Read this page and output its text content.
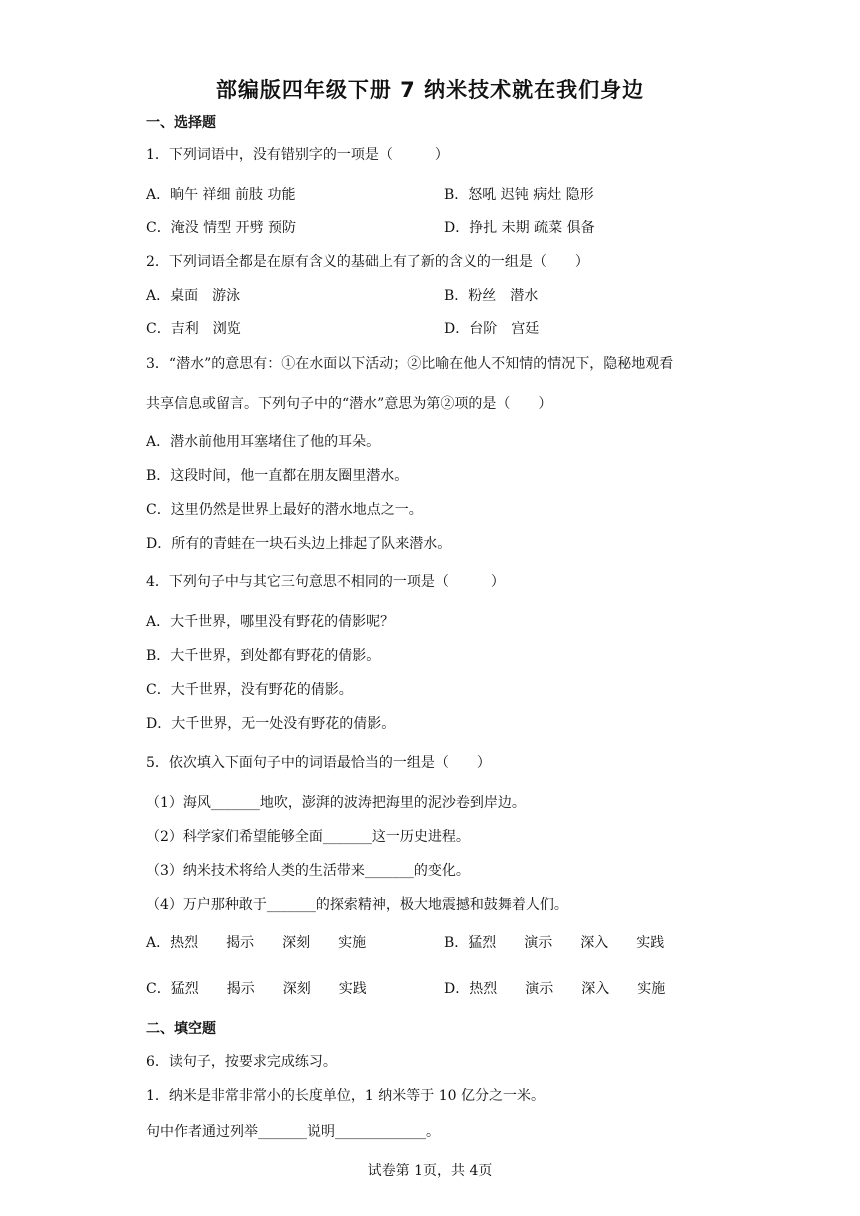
部编版四年级下册 7 纳米技术就在我们身边
一、选择题
1．下列词语中，没有错别字的一项是（　　　）
A．晌午 祥细 前肢 功能	B．怒吼 迟钝 病灶 隐形
C．淹没 情型 开劈 预防	D．挣扎 未期 疏菜 俱备
2．下列词语全都是在原有含义的基础上有了新的含义的一组是（　　）
A．桌面　游泳	B．粉丝　潜水
C．吉利　浏览	D．台阶　宫廷
3．“潜水”的意思有：①在水面以下活动；②比喻在他人不知情的情况下，隐秘地观看
共享信息或留言。下列句子中的“潜水”意思为第②项的是（　　）
A．潜水前他用耳塞堵住了他的耳朵。
B．这段时间，他一直都在朋友圈里潜水。
C．这里仍然是世界上最好的潜水地点之一。
D．所有的青蛙在一块石头边上排起了队来潜水。
4．下列句子中与其它三句意思不相同的一项是（　　　）
A．大千世界，哪里没有野花的倩影呢？
B．大千世界，到处都有野花的倩影。
C．大千世界，没有野花的倩影。
D．大千世界，无一处没有野花的倩影。
5．依次填入下面句子中的词语最恰当的一组是（　　）
（1）海风_______地吹，澎湃的波涛把海里的泥沙卷到岸边。
（2）科学家们希望能够全面_______这一历史进程。
（3）纳米技术将给人类的生活带来_______的变化。
（4）万户那种敢于_______的探索精神，极大地震撼和鼓舞着人们。
A．热烈　　揭示　　深刻　　实施	B．猛烈　　演示　　深入　　实践
C．猛烈　　揭示　　深刻　　实践	D．热烈　　演示　　深入　　实施
二、填空题
6．读句子，按要求完成练习。
1．纳米是非常非常小的长度单位，1 纳米等于 10 亿分之一米。
句中作者通过列举_______说明_____________。
试卷第 1页，共 4页
